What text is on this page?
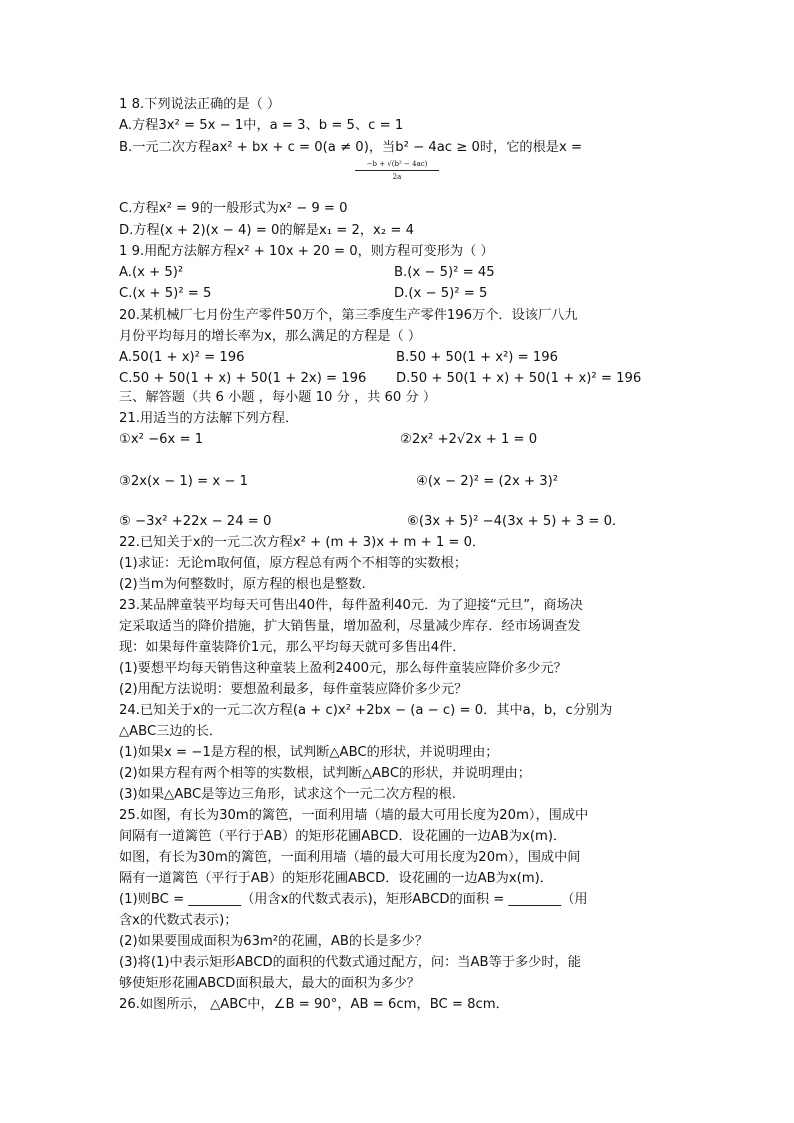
1 8.下列说法正确的是（ ）
A.方程3x² = 5x − 1中，a = 3、b = 5、c = 1
B.一元二次方程ax² + bx + c = 0(a ≠ 0)，当b² − 4ac ≥ 0时，它的根是x =
$\frac{\text{−b + √(b² − 4ac)}}{2a}$
C.方程x² = 9的一般形式为x² − 9 = 0
D.方程(x + 2)(x − 4) = 0的解是x₁ = 2，x₂ = 4
1 9.用配方法解方程x² + 10x + 20 = 0，则方程可变形为（ ）
A.(x + 5)²	B.(x − 5)² = 45
C.(x + 5)² = 5	D.(x − 5)² = 5
20.某机械厂七月份生产零件50万个，第三季度生产零件196万个．设该厂八九
月份平均每月的增长率为x，那么满足的方程是（ ）
A.50(1 + x)² = 196	B.50 + 50(1 + x²) = 196
C.50 + 50(1 + x) + 50(1 + 2x) = 196 D.50 + 50(1 + x) + 50(1 + x)² = 196
三、解答题（共 6 小题 ，每小题 10 分 ，共 60 分 ）
21.用适当的方法解下列方程．
①x² −6x = 1	②2x² +2√2x + 1 = 0
③2x(x − 1) = x − 1	④(x − 2)² = (2x + 3)²
⑤ −3x² +22x − 24 = 0	⑥(3x + 5)² −4(3x + 5) + 3 = 0.
22.已知关于x的一元二次方程x² + (m + 3)x + m + 1 = 0．
(1)求证：无论m取何值，原方程总有两个不相等的实数根；
(2)当m为何整数时，原方程的根也是整数.
23.某品牌童装平均每天可售出40件，每件盈利40元．为了迎接“元旦”，商场决
定采取适当的降价措施，扩大销售量，增加盈利，尽量减少库存．经市场调查发
现：如果每件童装降价1元，那么平均每天就可多售出4件．
(1)要想平均每天销售这种童装上盈利2400元，那么每件童装应降价多少元？
(2)用配方法说明：要想盈利最多，每件童装应降价多少元？
24.已知关于x的一元二次方程(a + c)x² +2bx − (a − c) = 0．其中a，b，c分别为
△ABC三边的长．
(1)如果x = −1是方程的根，试判断△ABC的形状，并说明理由；
(2)如果方程有两个相等的实数根，试判断△ABC的形状，并说明理由；
(3)如果△ABC是等边三角形，试求这个一元二次方程的根.
25.如图，有长为30m的篱笆，一面利用墙（墙的最大可用长度为20m），围成中
间隔有一道篱笆（平行于AB）的矩形花圃ABCD．设花圃的一边AB为x(m)．
如图，有长为30m的篱笆，一面利用墙（墙的最大可用长度为20m），围成中间
隔有一道篱笆（平行于AB）的矩形花圃ABCD．设花圃的一边AB为x(m)．
(1)则BC = ________（用含x的代数式表示)，矩形ABCD的面积 = ________（用
含x的代数式表示)；
(2)如果要围成面积为63m²的花圃，AB的长是多少？
(3)将(1)中表示矩形ABCD的面积的代数式通过配方，问：当AB等于多少时，能
够使矩形花圃ABCD面积最大，最大的面积为多少？
26.如图所示， △ABC中，∠B = 90°，AB = 6cm，BC = 8cm．
